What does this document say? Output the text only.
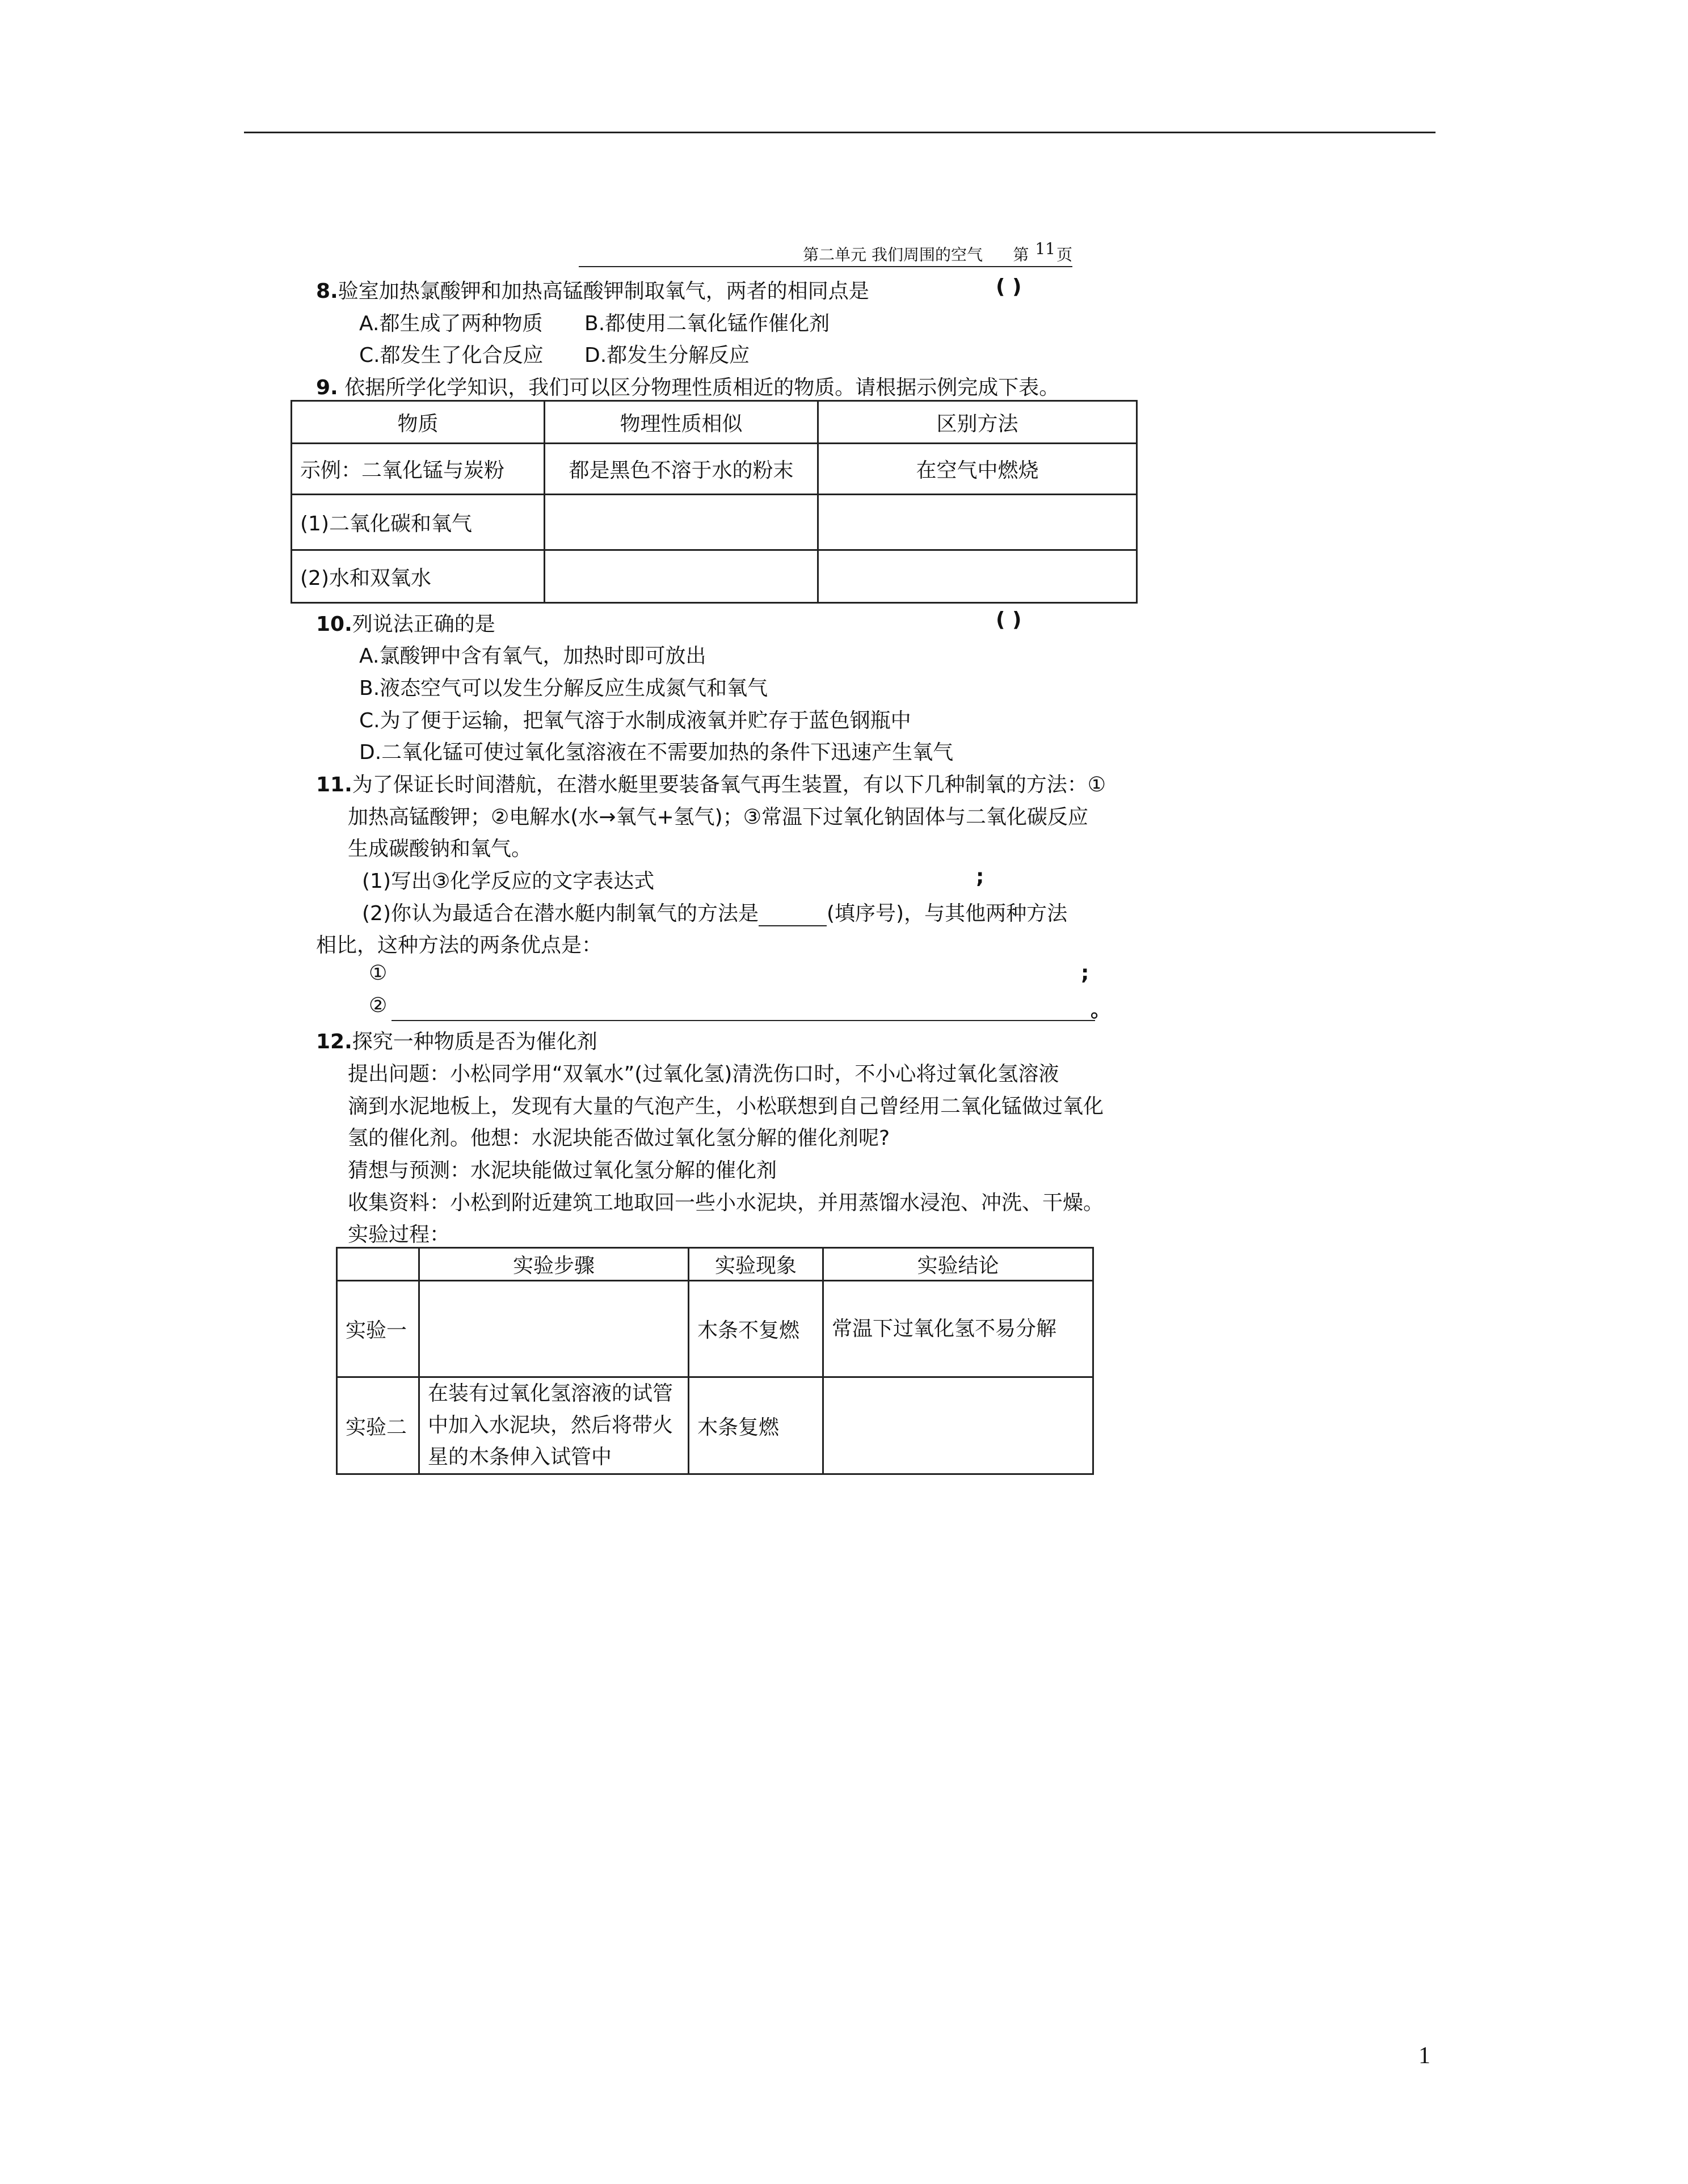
第二单元 我们周围的空气 第 11页
8.验室加热氯酸钾和加热高锰酸钾制取氧气，两者的相同点是	( )
A.都生成了两种物质 B.都使用二氧化锰作催化剂
C.都发生了化合反应 D.都发生分解反应
9. 依据所学化学知识，我们可以区分物理性质相近的物质。请根据示例完成下表。
物质	物理性质相似	区别方法
示例：二氧化锰与炭粉	都是黑色不溶于水的粉末	在空气中燃烧
(1)二氧化碳和氧气		
(2)水和双氧水		
10.列说法正确的是	( )
A.氯酸钾中含有氧气，加热时即可放出
B.液态空气可以发生分解反应生成氮气和氧气
C.为了便于运输，把氧气溶于水制成液氧并贮存于蓝色钢瓶中
D.二氧化锰可使过氧化氢溶液在不需要加热的条件下迅速产生氧气
11.为了保证长时间潜航，在潜水艇里要装备氧气再生装置，有以下几种制氧的方法：①
加热高锰酸钾；②电解水(水→氧气+氢气)；③常温下过氧化钠固体与二氧化碳反应
生成碳酸钠和氧气。
(1)写出③化学反应的文字表达式	;
(2)你认为最适合在潜水艇内制氧气的方法是	(填序号)，与其他两种方法
相比，这种方法的两条优点是：
①	;
②	。
12.探究一种物质是否为催化剂
提出问题：小松同学用“双氧水”(过氧化氢)清洗伤口时，不小心将过氧化氢溶液
滴到水泥地板上，发现有大量的气泡产生，小松联想到自己曾经用二氧化锰做过氧化
氢的催化剂。他想：水泥块能否做过氧化氢分解的催化剂呢?
猜想与预测：水泥块能做过氧化氢分解的催化剂
收集资料：小松到附近建筑工地取回一些小水泥块，并用蒸馏水浸泡、冲洗、干燥。
实验过程：
	实验步骤	实验现象	实验结论
实验一		木条不复燃	常温下过氧化氢不易分解
实验二	在装有过氧化氢溶液的试管中加入水泥块，然后将带火星的木条伸入试管中	木条复燃	
1
